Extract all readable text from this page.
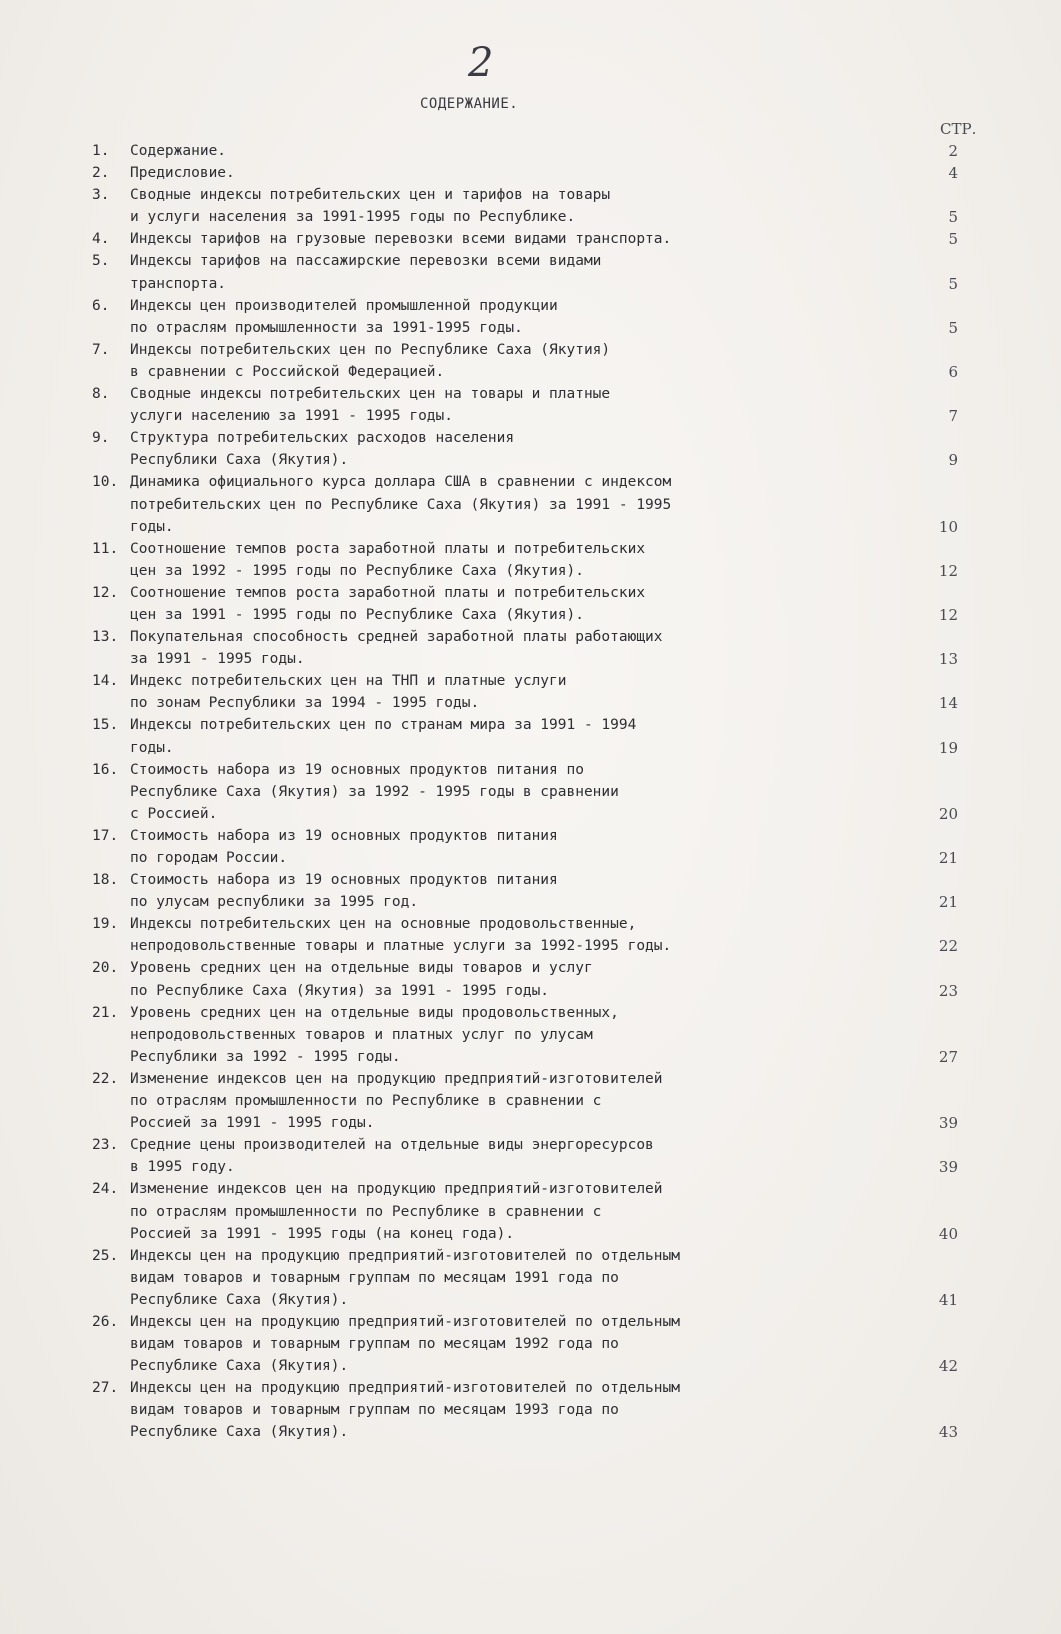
2
СОДЕРЖАНИЕ.
СТР.
1.	Содержание.	2
2.	Предисловие.	4
3.	Сводные индексы потребительских цен и тарифов на товары
и услуги населения за 1991-1995 годы по Республике.	5
4.	Индексы тарифов на грузовые перевозки всеми видами транспорта.	5
5.	Индексы тарифов на пассажирские перевозки всеми видами
транспорта.	5
6.	Индексы цен производителей промышленной продукции
по отраслям промышленности за 1991-1995 годы.	5
7.	Индексы потребительских цен по Республике Саха (Якутия)
в сравнении с Российской Федерацией.	6
8.	Сводные индексы потребительских цен на товары и платные
услуги населению за 1991 - 1995 годы.	7
9.	Структура потребительских расходов населения
Республики Саха (Якутия).	9
10. Динамика официального курса доллара США в сравнении с индексом
потребительских цен по Республике Саха (Якутия) за 1991 - 1995
годы.	10
11. Соотношение темпов роста заработной платы и потребительских
цен за 1992 - 1995 годы по Республике Саха (Якутия).	12
12. Соотношение темпов роста заработной платы и потребительских
цен за 1991 - 1995 годы по Республике Саха (Якутия).	12
13. Покупательная способность средней заработной платы работающих
за 1991 - 1995 годы.	13
14. Индекс потребительских цен на ТНП и платные услуги
по зонам Республики за 1994 - 1995 годы.	14
15. Индексы потребительских цен по странам мира за 1991 - 1994
годы.	19
16. Стоимость набора из 19 основных продуктов питания по
Республике Саха (Якутия) за 1992 - 1995 годы в сравнении
с Россией.	20
17. Стоимость набора из 19 основных продуктов питания
по городам России.	21
18. Стоимость набора из 19 основных продуктов питания
по улусам республики за 1995 год.	21
19. Индексы потребительских цен на основные продовольственные,
непродовольственные товары и платные услуги за 1992-1995 годы.	22
20. Уровень средних цен на отдельные виды товаров и услуг
по Республике Саха (Якутия) за 1991 - 1995 годы.	23
21. Уровень средних цен на отдельные виды продовольственных,
непродовольственных товаров и платных услуг по улусам
Республики за 1992 - 1995 годы.	27
22. Изменение индексов цен на продукцию предприятий-изготовителей
по отраслям промышленности по Республике в сравнении с
Россией за 1991 - 1995 годы.	39
23. Средние цены производителей на отдельные виды энергоресурсов
в 1995 году.	39
24. Изменение индексов цен на продукцию предприятий-изготовителей
по отраслям промышленности по Республике в сравнении с
Россией за 1991 - 1995 годы (на конец года).	40
25. Индексы цен на продукцию предприятий-изготовителей по отдельным
видам товаров и товарным группам по месяцам 1991 года по
Республике Саха (Якутия).	41
26. Индексы цен на продукцию предприятий-изготовителей по отдельным
видам товаров и товарным группам по месяцам 1992 года по
Республике Саха (Якутия).	42
27. Индексы цен на продукцию предприятий-изготовителей по отдельным
видам товаров и товарным группам по месяцам 1993 года по
Республике Саха (Якутия).	43
